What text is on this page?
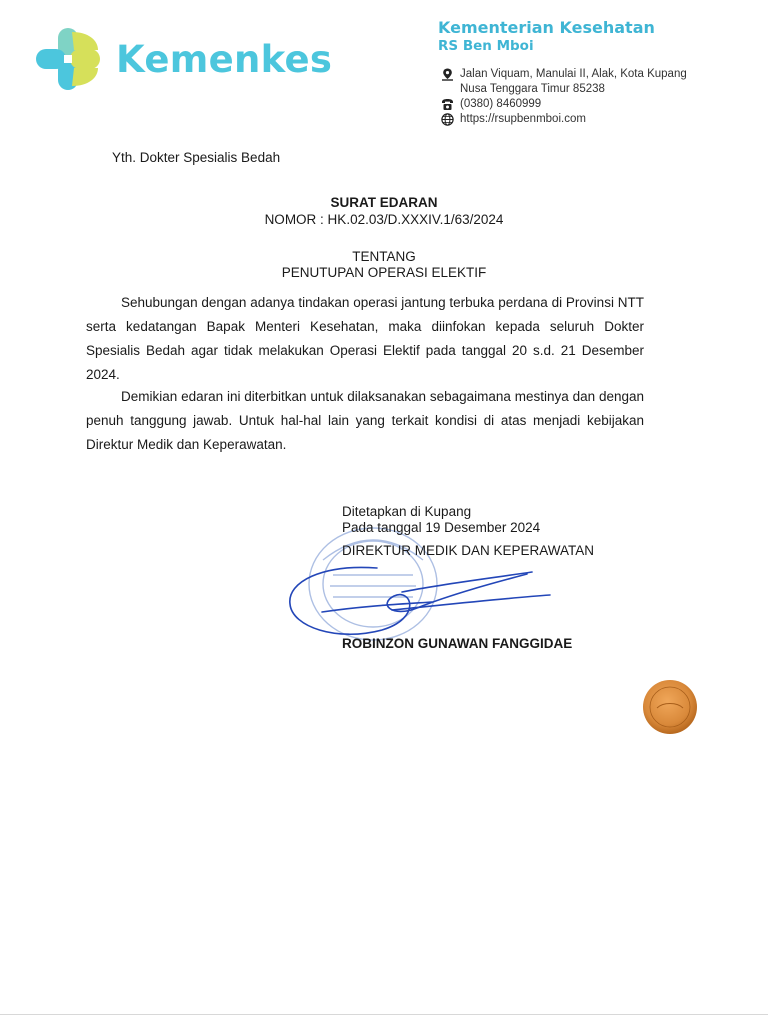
Kemenkes
Kementerian Kesehatan
RS Ben Mboi
Jalan Viquam, Manulai II, Alak, Kota Kupang
Nusa Tenggara Timur 85238
(0380) 8460999
https://rsupbenmboi.com
Yth. Dokter Spesialis Bedah
SURAT EDARAN
NOMOR : HK.02.03/D.XXXIV.1/63/2024
TENTANG
PENUTUPAN OPERASI ELEKTIF
Sehubungan dengan adanya tindakan operasi jantung terbuka perdana di Provinsi NTT serta kedatangan Bapak Menteri Kesehatan, maka diinfokan kepada seluruh Dokter Spesialis Bedah agar tidak melakukan Operasi Elektif pada tanggal 20 s.d. 21 Desember 2024.
Demikian edaran ini diterbitkan untuk dilaksanakan sebagaimana mestinya dan dengan penuh tanggung jawab. Untuk hal-hal lain yang terkait kondisi di atas menjadi kebijakan Direktur Medik dan Keperawatan.
Ditetapkan di Kupang
Pada tanggal 19 Desember 2024
DIREKTUR MEDIK DAN KEPERAWATAN
ROBINZON GUNAWAN FANGGIDAE
